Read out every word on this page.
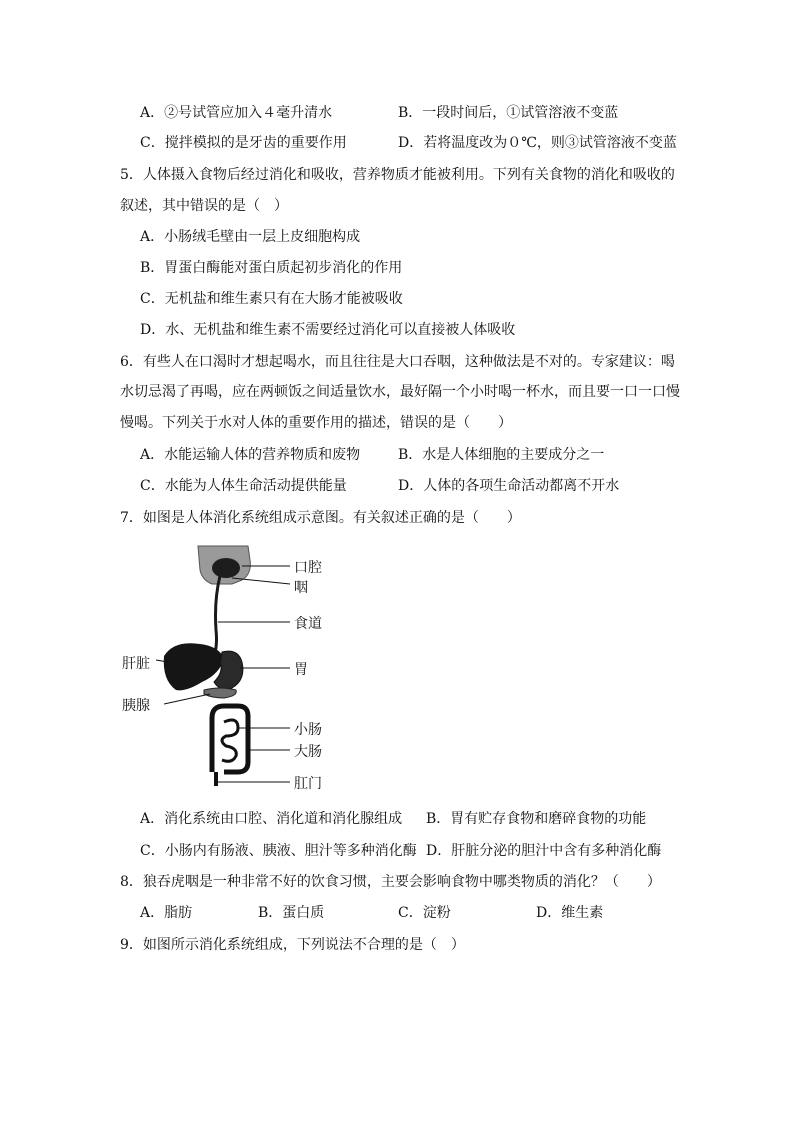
A．②号试管应加入４毫升清水	B．一段时间后，①试管溶液不变蓝
C．搅拌模拟的是牙齿的重要作用	D．若将温度改为０℃，则③试管溶液不变蓝
5．人体摄入食物后经过消化和吸收，营养物质才能被利用。下列有关食物的消化和吸收的
叙述，其中错误的是（　）
A．小肠绒毛壁由一层上皮细胞构成
B．胃蛋白酶能对蛋白质起初步消化的作用
C．无机盐和维生素只有在大肠才能被吸收
D．水、无机盐和维生素不需要经过消化可以直接被人体吸收
6．有些人在口渴时才想起喝水，而且往往是大口吞咽，这种做法是不对的。专家建议：喝
水切忌渴了再喝，应在两顿饭之间适量饮水，最好隔一个小时喝一杯水，而且要一口一口慢
慢喝。下列关于水对人体的重要作用的描述，错误的是（　　）
A．水能运输人体的营养物质和废物	B．水是人体细胞的主要成分之一
C．水能为人体生命活动提供能量	D．人体的各项生命活动都离不开水
7．如图是人体消化系统组成示意图。有关叙述正确的是（　　）
口腔
咽
食道
肝脏	胃
胰腺
小肠
大肠
肛门
A．消化系统由口腔、消化道和消化腺组成 B．胃有贮存食物和磨碎食物的功能
C．小肠内有肠液、胰液、胆汁等多种消化酶 D．肝脏分泌的胆汁中含有多种消化酶
8．狼吞虎咽是一种非常不好的饮食习惯，主要会影响食物中哪类物质的消化？（　　）
A．脂肪	B．蛋白质	C．淀粉	D．维生素
9．如图所示消化系统组成，下列说法不合理的是（　）
